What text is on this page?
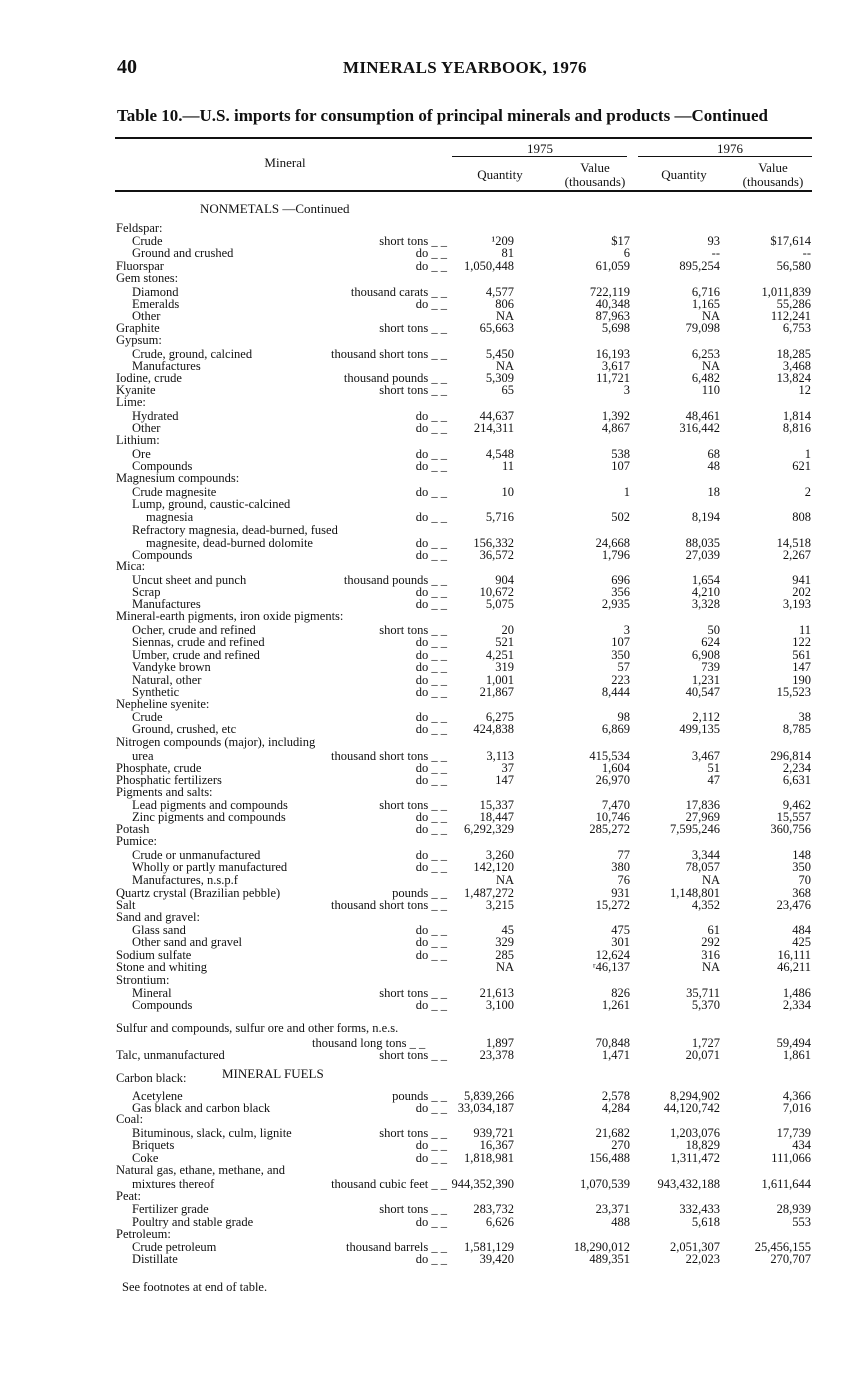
40	MINERALS YEARBOOK, 1976
Table 10.—U.S. imports for consumption of principal minerals and products —Continued
Mineral
1975	1976
Quantity	Value
(thousands)	Quantity	Value
(thousands)
NONMETALS —Continued
MINERAL FUELS
Feldspar:
Crude	short tons _ _	¹209	$17	93	$17,614
Ground and crushed	do _ _	81	6	--	--
Fluorspar	do _ _	1,050,448	61,059	895,254	56,580
Gem stones:
Diamond	thousand carats _ _	4,577	722,119	6,716	1,011,839
Emeralds	do _ _	806	40,348	1,165	55,286
Other	NA	87,963	NA	112,241
Graphite	short tons _ _	65,663	5,698	79,098	6,753
Gypsum:
Crude, ground, calcined	thousand short tons _ _	5,450	16,193	6,253	18,285
Manufactures	NA	3,617	NA	3,468
Iodine, crude	thousand pounds _ _	5,309	11,721	6,482	13,824
Kyanite	short tons _ _	65	3	110	12
Lime:
Hydrated	do _ _	44,637	1,392	48,461	1,814
Other	do _ _	214,311	4,867	316,442	8,816
Lithium:
Ore	do _ _	4,548	538	68	1
Compounds	do _ _	11	107	48	621
Magnesium compounds:
Crude magnesite	do _ _	10	1	18	2
Lump, ground, caustic-calcined
magnesia	do _ _	5,716	502	8,194	808
Refractory magnesia, dead-burned, fused
magnesite, dead-burned dolomite	do _ _	156,332	24,668	88,035	14,518
Compounds	do _ _	36,572	1,796	27,039	2,267
Mica:
Uncut sheet and punch	thousand pounds _ _	904	696	1,654	941
Scrap	do _ _	10,672	356	4,210	202
Manufactures	do _ _	5,075	2,935	3,328	3,193
Mineral-earth pigments, iron oxide pigments:
Ocher, crude and refined	short tons _ _	20	3	50	11
Siennas, crude and refined	do _ _	521	107	624	122
Umber, crude and refined	do _ _	4,251	350	6,908	561
Vandyke brown	do _ _	319	57	739	147
Natural, other	do _ _	1,001	223	1,231	190
Synthetic	do _ _	21,867	8,444	40,547	15,523
Nepheline syenite:
Crude	do _ _	6,275	98	2,112	38
Ground, crushed, etc	do _ _	424,838	6,869	499,135	8,785
Nitrogen compounds (major), including
urea	thousand short tons _ _	3,113	415,534	3,467	296,814
Phosphate, crude	do _ _	37	1,604	51	2,234
Phosphatic fertilizers	do _ _	147	26,970	47	6,631
Pigments and salts:
Lead pigments and compounds	short tons _ _	15,337	7,470	17,836	9,462
Zinc pigments and compounds	do _ _	18,447	10,746	27,969	15,557
Potash	do _ _	6,292,329	285,272	7,595,246	360,756
Pumice:
Crude or unmanufactured	do _ _	3,260	77	3,344	148
Wholly or partly manufactured	do _ _	142,120	380	78,057	350
Manufactures, n.s.p.f	NA	76	NA	70
Quartz crystal (Brazilian pebble)	pounds _ _	1,487,272	931	1,148,801	368
Salt	thousand short tons _ _	3,215	15,272	4,352	23,476
Sand and gravel:
Glass sand	do _ _	45	475	61	484
Other sand and gravel	do _ _	329	301	292	425
Sodium sulfate	do _ _	285	12,624	316	16,111
Stone and whiting	NA	ʳ46,137	NA	46,211
Strontium:
Mineral	short tons _ _	21,613	826	35,711	1,486
Compounds	do _ _	3,100	1,261	5,370	2,334
Sulfur and compounds, sulfur ore and other forms, n.e.s.
thousand long tons _ _	1,897	70,848	1,727	59,494
Talc, unmanufactured	short tons _ _	23,378	1,471	20,071	1,861
Carbon black:
Acetylene	pounds _ _	5,839,266	2,578	8,294,902	4,366
Gas black and carbon black	do _ _ 33,034,187	4,284	44,120,742	7,016
Coal:
Bituminous, slack, culm, lignite	short tons _ _	939,721	21,682	1,203,076	17,739
Briquets	do _ _	16,367	270	18,829	434
Coke	do _ _	1,818,981	156,488	1,311,472	111,066
Natural gas, ethane, methane, and
mixtures thereof	thousand cubic feet _ _ 944,352,390	1,070,539	943,432,188	1,611,644
Peat:
Fertilizer grade	short tons _ _	283,732	23,371	332,433	28,939
Poultry and stable grade	do _ _	6,626	488	5,618	553
Petroleum:
Crude petroleum	thousand barrels _ _	1,581,129	18,290,012	2,051,307	25,456,155
Distillate	do _ _	39,420	489,351	22,023	270,707
See footnotes at end of table.
